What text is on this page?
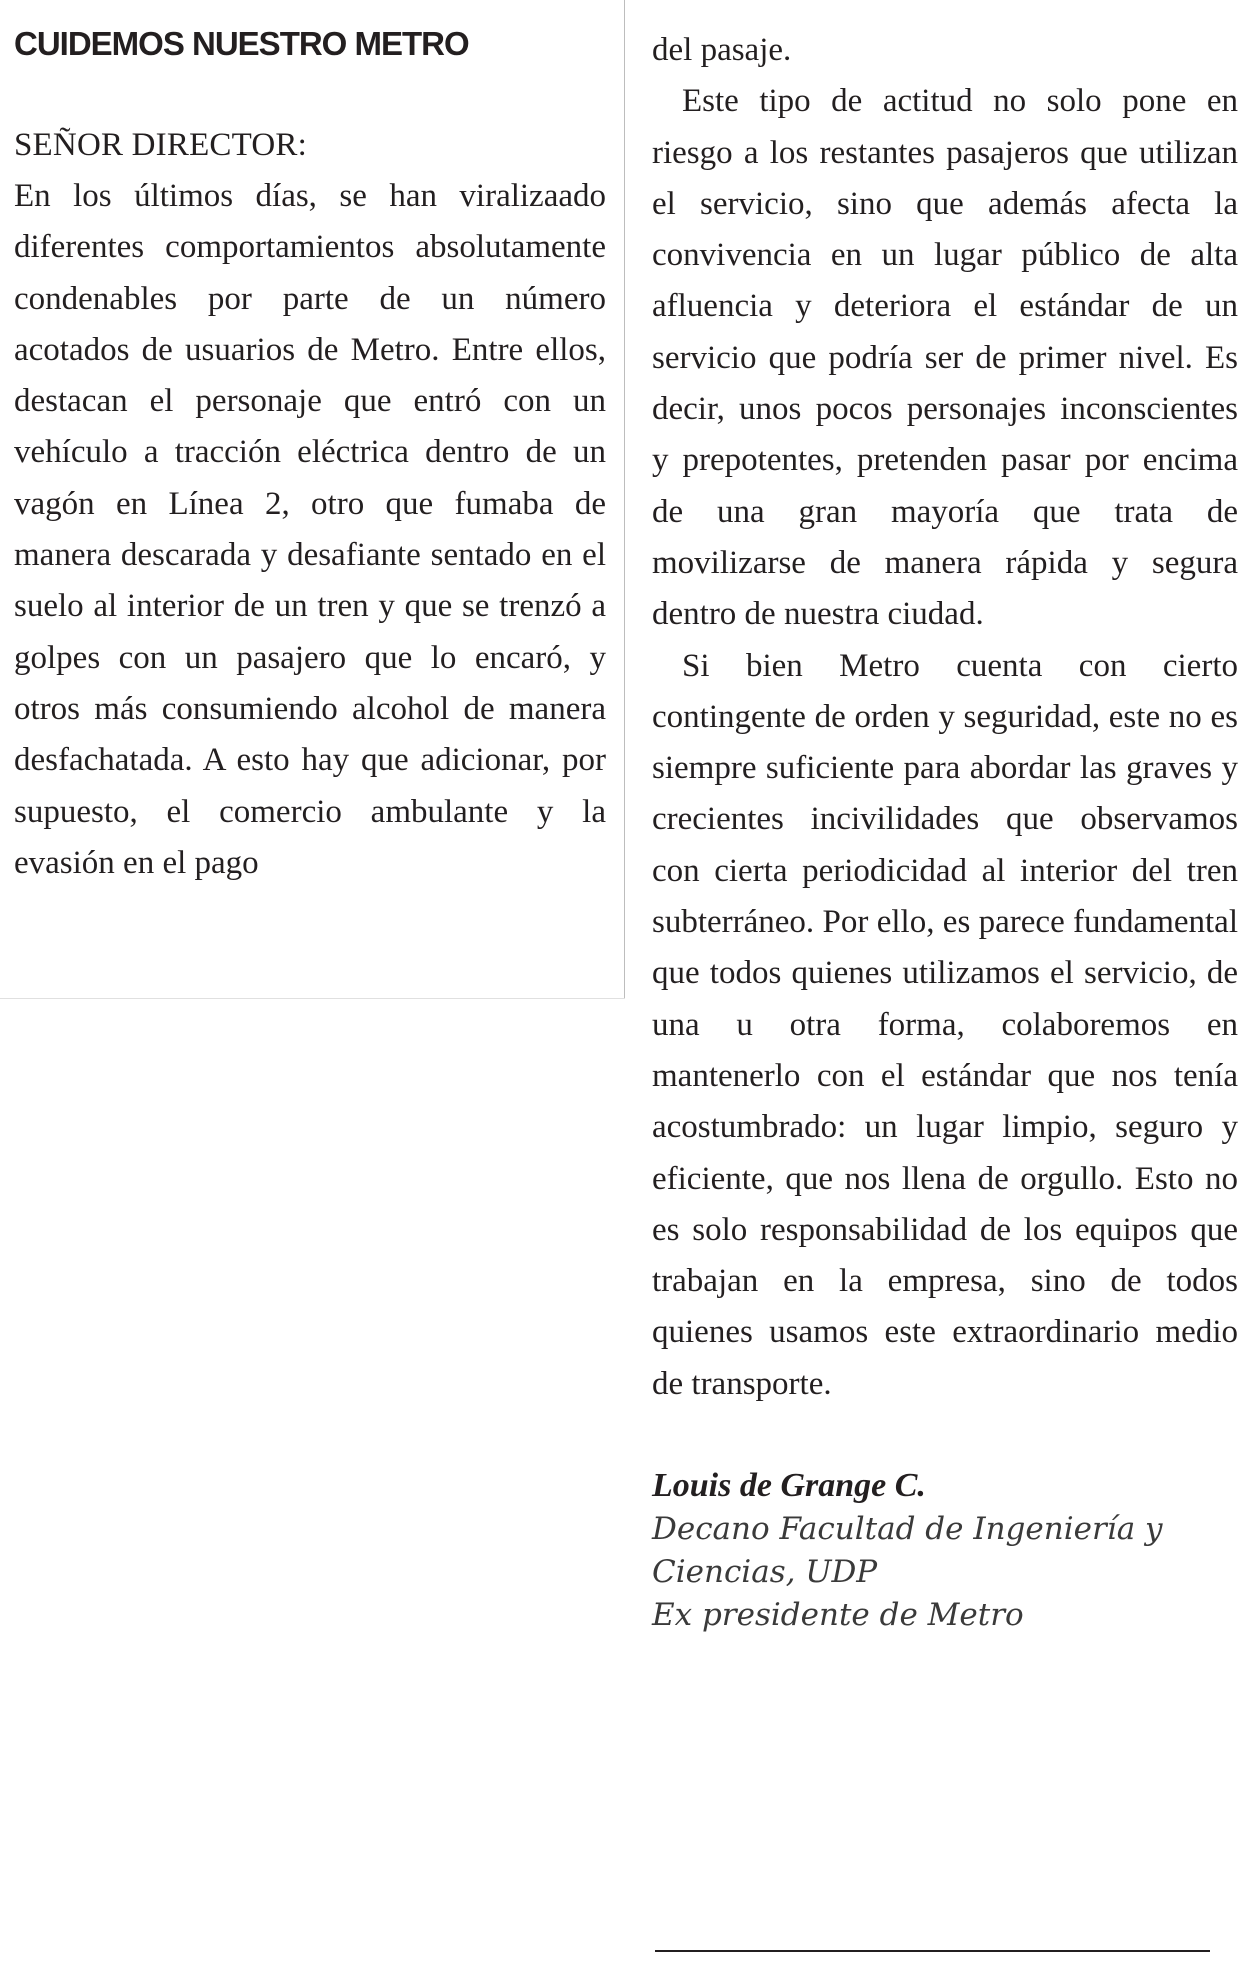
CUIDEMOS NUESTRO METRO
SEÑOR DIRECTOR:

En los últimos días, se han viralizaado diferentes comportamientos absolutamente condenables por parte de un número acotados de usuarios de Metro. Entre ellos, destacan el personaje que entró con un vehículo a tracción eléctrica dentro de un vagón en Línea 2, otro que fumaba de manera descarada y desafiante sentado en el suelo al interior de un tren y que se trenzó a golpes con un pasajero que lo encaró, y otros más consumiendo alcohol de manera desfachatada. A esto hay que adicionar, por supuesto, el comercio ambulante y la evasión en el pago

del pasaje.

Este tipo de actitud no solo pone en riesgo a los restantes pasajeros que utilizan el servicio, sino que además afecta la convivencia en un lugar público de alta afluencia y deteriora el estándar de un servicio que podría ser de primer nivel. Es decir, unos pocos personajes inconscientes y prepotentes, pretenden pasar por encima de una gran mayoría que trata de movilizarse de manera rápida y segura dentro de nuestra ciudad.

Si bien Metro cuenta con cierto contingente de orden y seguridad, este no es siempre suficiente para abordar las graves y crecientes incivilidades que observamos con cierta periodicidad al interior del tren subterráneo. Por ello, es parece fundamental que todos quienes utilizamos el servicio, de una u otra forma, colaboremos en mantenerlo con el estándar que nos tenía acostumbrado: un lugar limpio, seguro y eficiente, que nos llena de orgullo. Esto no es solo responsabilidad de los equipos que trabajan en la empresa, sino de todos quienes usamos este extraordinario medio de transporte.

Louis de Grange C.
Decano Facultad de Ingeniería y
Ciencias, UDP
Ex presidente de Metro
